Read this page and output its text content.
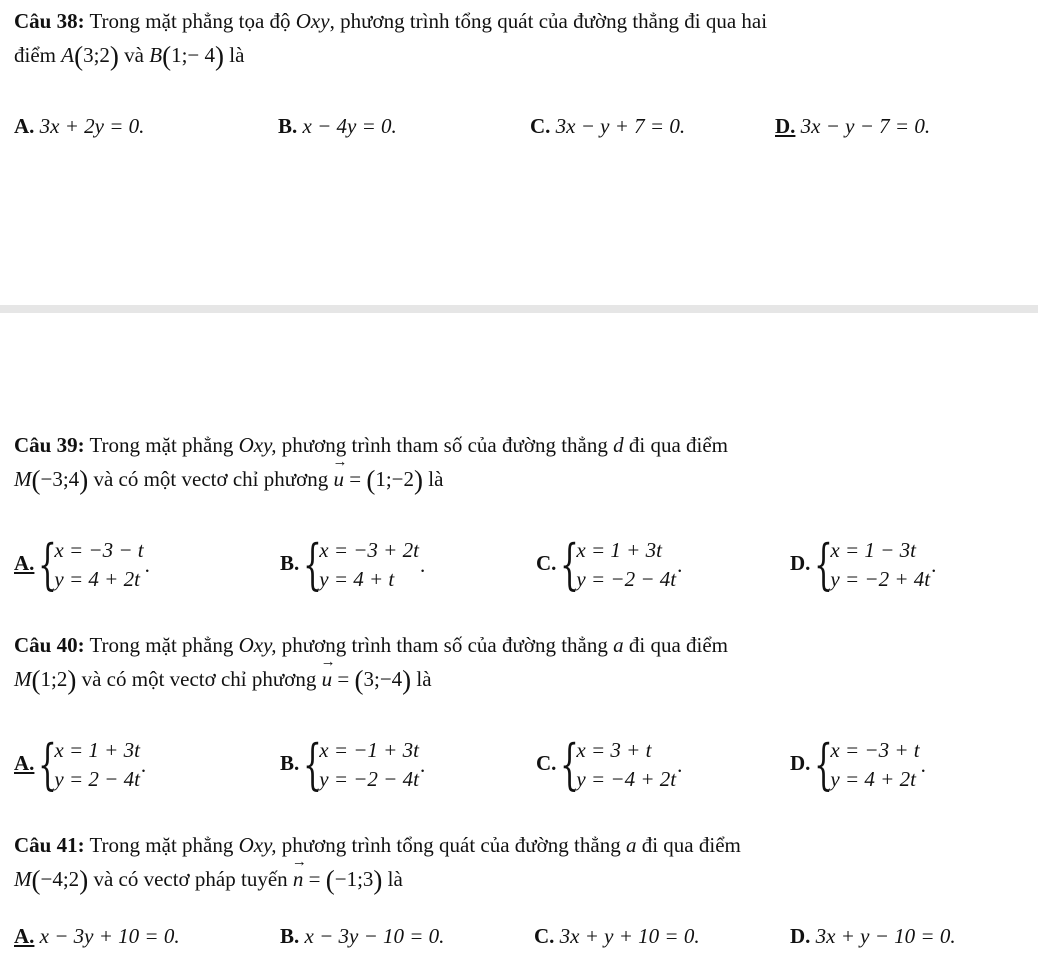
Câu 38: Trong mặt phẳng tọa độ Oxy, phương trình tổng quát của đường thẳng đi qua hai
điểm A(3;2) và B(1;− 4) là
A. 3x + 2y = 0.	B. x − 4y = 0.	C. 3x − y + 7 = 0.	D. 3x − y − 7 = 0.
Câu 39: Trong mặt phẳng Oxy, phương trình tham số của đường thẳng d đi qua điểm
M(−3;4) và có một vectơ chỉ phương → u = (1;−2) là
A. {
x = −3 − t
y = 4 + 2t
.	B. {
x = −3 + 2t
y = 4 + t
.	C. {
x = 1 + 3t
y = −2 − 4t
.	D. {
x = 1 − 3t
y = −2 + 4t
.
Câu 40: Trong mặt phẳng Oxy, phương trình tham số của đường thẳng a đi qua điểm
M(1;2) và có một vectơ chỉ phương → u = (3;−4) là
A. {
x = 1 + 3t
y = 2 − 4t
.	B. {
x = −1 + 3t
y = −2 − 4t
.	C. {
x = 3 + t
y = −4 + 2t
.	D. {
x = −3 + t
y = 4 + 2t
.
Câu 41: Trong mặt phẳng Oxy, phương trình tổng quát của đường thẳng a đi qua điểm
M(−4;2) và có vectơ pháp tuyến → n = (−1;3) là
A. x − 3y + 10 = 0.	B. x − 3y − 10 = 0.	C. 3x + y + 10 = 0.	D. 3x + y − 10 = 0.
